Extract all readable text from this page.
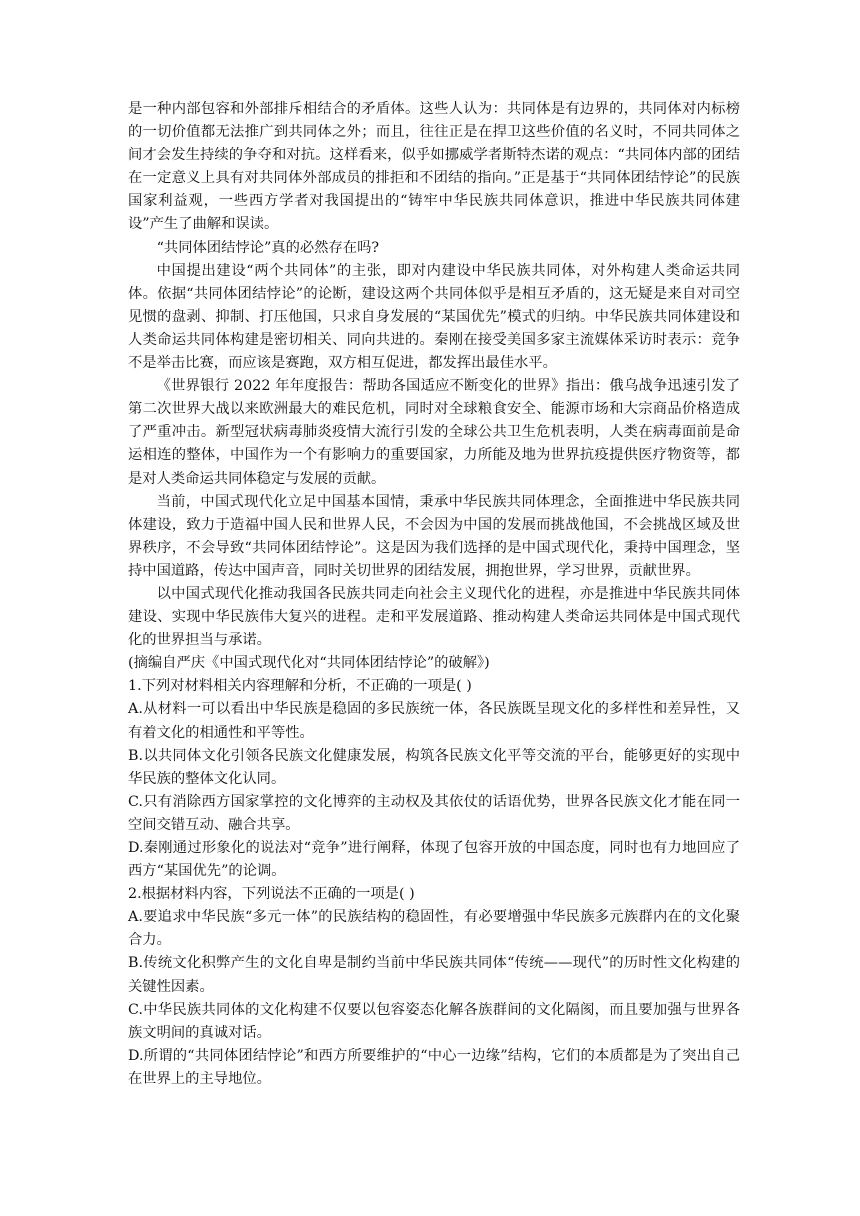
是一种内部包容和外部排斥相结合的矛盾体。这些人认为：共同体是有边界的，共同体对内标榜的一切价值都无法推广到共同体之外；而且，往往正是在捍卫这些价值的名义时，不同共同体之间才会发生持续的争夺和对抗。这样看来，似乎如挪威学者斯特杰诺的观点：“共同体内部的团结在一定意义上具有对共同体外部成员的排拒和不团结的指向。”正是基于“共同体团结悖论”的民族国家利益观，一些西方学者对我国提出的“铸牢中华民族共同体意识，推进中华民族共同体建设”产生了曲解和误读。

“共同体团结悖论”真的必然存在吗?

中国提出建设“两个共同体”的主张，即对内建设中华民族共同体，对外构建人类命运共同体。依据“共同体团结悖论”的论断，建设这两个共同体似乎是相互矛盾的，这无疑是来自对司空见惯的盘剥、抑制、打压他国，只求自身发展的“某国优先”模式的归纳。中华民族共同体建设和人类命运共同体构建是密切相关、同向共进的。秦刚在接受美国多家主流媒体采访时表示：竞争不是举击比赛，而应该是赛跑，双方相互促进，都发挥出最佳水平。

《世界银行 2022 年年度报告：帮助各国适应不断变化的世界》指出：俄乌战争迅速引发了第二次世界大战以来欧洲最大的难民危机，同时对全球粮食安全、能源市场和大宗商品价格造成了严重冲击。新型冠状病毒肺炎疫情大流行引发的全球公共卫生危机表明，人类在病毒面前是命运相连的整体，中国作为一个有影响力的重要国家，力所能及地为世界抗疫提供医疗物资等，都是对人类命运共同体稳定与发展的贡献。

当前，中国式现代化立足中国基本国情，秉承中华民族共同体理念，全面推进中华民族共同体建设，致力于造福中国人民和世界人民，不会因为中国的发展而挑战他国，不会挑战区域及世界秩序，不会导致“共同体团结悖论”。这是因为我们选择的是中国式现代化，秉持中国理念，坚持中国道路，传达中国声音，同时关切世界的团结发展，拥抱世界，学习世界，贡献世界。

以中国式现代化推动我国各民族共同走向社会主义现代化的进程，亦是推进中华民族共同体建设、实现中华民族伟大复兴的进程。走和平发展道路、推动构建人类命运共同体是中国式现代化的世界担当与承诺。

(摘编自严庆《中国式现代化对“共同体团结悖论”的破解》)

1.下列对材料相关内容理解和分析，不正确的一项是( )

A.从材料一可以看出中华民族是稳固的多民族统一体，各民族既呈现文化的多样性和差异性，又有着文化的相通性和平等性。

B.以共同体文化引领各民族文化健康发展，构筑各民族文化平等交流的平台，能够更好的实现中华民族的整体文化认同。

C.只有消除西方国家掌控的文化博弈的主动权及其依仗的话语优势，世界各民族文化才能在同一空间交错互动、融合共享。

D.秦刚通过形象化的说法对“竞争”进行阐释，体现了包容开放的中国态度，同时也有力地回应了西方“某国优先”的论调。

2.根据材料内容，下列说法不正确的一项是( )

A.要追求中华民族“多元一体”的民族结构的稳固性，有必要增强中华民族多元族群内在的文化聚合力。

B.传统文化积弊产生的文化自卑是制约当前中华民族共同体“传统——现代”的历时性文化构建的关键性因素。

C.中华民族共同体的文化构建不仅要以包容姿态化解各族群间的文化隔阂，而且要加强与世界各族文明间的真诚对话。

D.所谓的“共同体团结悖论”和西方所要维护的“中心一边缘”结构，它们的本质都是为了突出自己在世界上的主导地位。
